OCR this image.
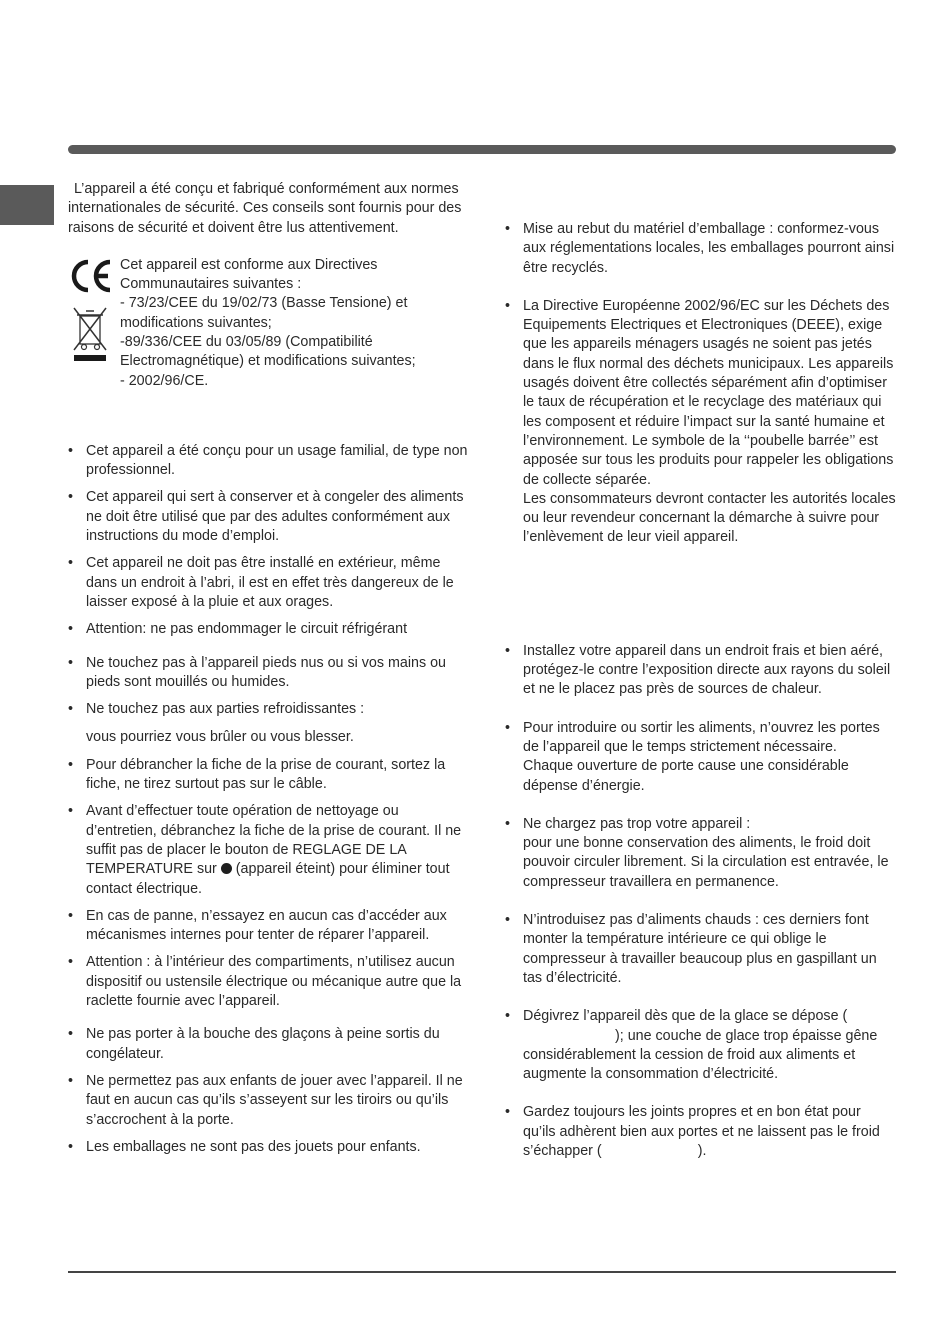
L’appareil a été conçu et fabriqué conformément aux normes internationales de sécurité. Ces conseils sont fournis pour des raisons de sécurité et doivent être lus attentivement.

Cet appareil est conforme aux Directives

Communautaires suivantes :

- 73/23/CEE du 19/02/73 (Basse Tensione) et

modifications suivantes;

-89/336/CEE du 03/05/89 (Compatibilité

Electromagnétique) et modifications suivantes;

- 2002/96/CE.

• Cet appareil a été conçu pour un usage familial, de type non professionnel.
• Cet appareil qui sert à conserver et à congeler des aliments ne doit être utilisé que par des adultes conformément aux instructions du mode d’emploi.
• Cet appareil ne doit pas être installé en extérieur, même dans un endroit à l’abri, il est en effet très dangereux de le laisser exposé à la pluie et aux orages.
• Attention: ne pas endommager le circuit réfrigérant
• Ne touchez pas à l’appareil pieds nus ou si vos mains ou pieds sont mouillés ou humides.
• Ne touchez pas aux parties refroidissantes :

vous pourriez vous brûler ou vous blesser.

• Pour débrancher la fiche de la prise de courant, sortez la fiche, ne tirez surtout pas sur le câble.
• Avant d’effectuer toute opération de nettoyage ou d’entretien, débranchez la fiche de la prise de courant. Il ne suffit pas de placer le bouton de REGLAGE DE LA TEMPERATURE sur (appareil éteint) pour éliminer tout contact électrique.
• En cas de panne, n’essayez en aucun cas d’accéder aux mécanismes internes pour tenter de réparer l’appareil.
• Attention : à l’intérieur des compartiments, n’utilisez aucun dispositif ou ustensile électrique ou mécanique autre que la raclette fournie avec l’appareil.
• Ne pas porter à la bouche des glaçons à peine sortis du congélateur.
• Ne permettez pas aux enfants de jouer avec l’appareil. Il ne faut en aucun cas qu’ils s’asseyent sur les tiroirs ou qu’ils s’accrochent à la porte.
• Les emballages ne sont pas des jouets pour enfants.
• Mise au rebut du matériel d’emballage : conformez-vous aux réglementations locales, les emballages pourront ainsi être recyclés.
• La Directive Européenne 2002/96/EC sur les Déchets des Equipements Electriques et Electroniques (DEEE), exige que les appareils ménagers usagés ne soient pas jetés dans le flux normal des déchets municipaux. Les appareils usagés doivent être collectés séparément afin d’optimiser le taux de récupération et le recyclage des matériaux qui les composent et réduire l’impact sur la santé humaine et l’environnement. Le symbole de la ‘‘poubelle barrée’’ est apposée sur tous les produits pour rappeler les obligations de collecte séparée.
Les consommateurs devront contacter les autorités locales ou leur revendeur concernant la démarche à suivre pour l’enlèvement de leur vieil appareil.
• Installez votre appareil dans un endroit frais et bien aéré, protégez-le contre l’exposition directe aux rayons du soleil et ne le placez pas près de sources de chaleur.
• Pour introduire ou sortir les aliments, n’ouvrez les portes de l’appareil que le temps strictement nécessaire.
Chaque ouverture de porte cause une considérable dépense d’énergie.
• Ne chargez pas trop votre appareil :
pour une bonne conservation des aliments, le froid doit pouvoir circuler librement. Si la circulation est entravée, le compresseur travaillera en permanence.
• N’introduisez pas d’aliments chauds : ces derniers font monter la température intérieure ce qui oblige le compresseur à travailler beaucoup plus en gaspillant un tas d’électricité.
• Dégivrez l’appareil dès que de la glace se dépose (); une couche de glace trop épaisse gêne considérablement la cession de froid aux aliments et augmente la consommation d’électricité.
• Gardez toujours les joints propres et en bon état pour qu’ils adhèrent bien aux portes et ne laissent pas le froid s’échapper (	).
